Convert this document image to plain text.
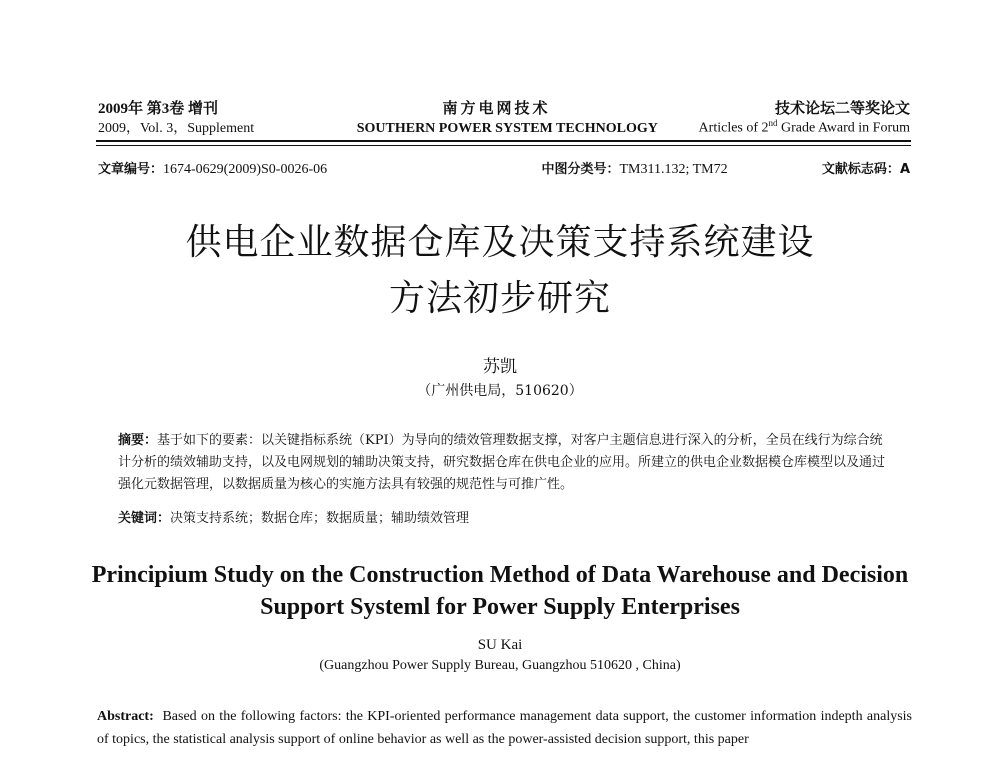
2009年 第3卷 增刊	南方电网技术	技术论坛二等奖论文
2009，Vol. 3，Supplement	SOUTHERN POWER SYSTEM TECHNOLOGY	Articles of 2nd Grade Award in Forum
文章编号：1674-0629(2009)S0-0026-06	中图分类号：TM311.132; TM72	文献标志码：A
供电企业数据仓库及决策支持系统建设
方法初步研究
苏凯
（广州供电局，510620）
摘要：基于如下的要素：以关键指标系统（KPI）为导向的绩效管理数据支撑，对客户主题信息进行深入的分析，全员在线行为综合统计分析的绩效辅助支持，以及电网规划的辅助决策支持，研究数据仓库在供电企业的应用。所建立的供电企业数据模仓库模型以及通过强化元数据管理，以数据质量为核心的实施方法具有较强的规范性与可推广性。
关键词：决策支持系统；数据仓库；数据质量；辅助绩效管理
Principium Study on the Construction Method of Data Warehouse and Decision
Support Systeml for Power Supply Enterprises
SU Kai
(Guangzhou Power Supply Bureau, Guangzhou 510620 , China)
Abstract: Based on the following factors: the KPI-oriented performance management data support, the customer information indepth analysis of topics, the statistical analysis support of online behavior as well as the power-assisted decision support, this paper
